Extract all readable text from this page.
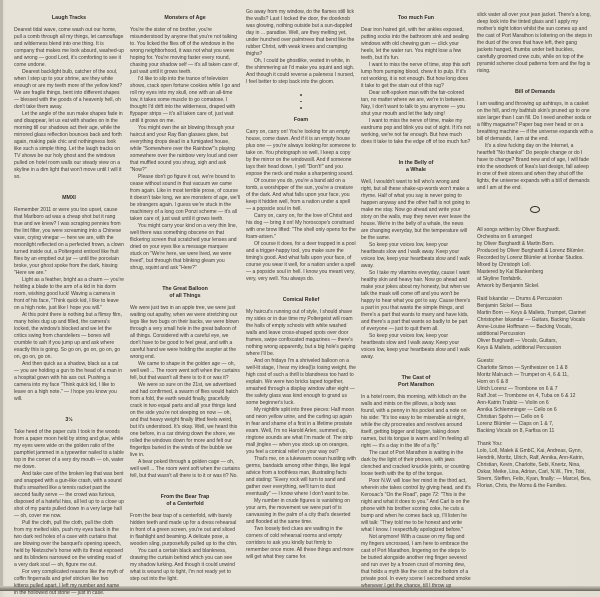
Laugh Tracks

Dearest tidal wave, come wash out our home, pull a comb through all my things, let camouflage and wilderness blend into one thing. It is company that makes me look absurd, washed-up and wrong — good Lord, it's comforting to see it come undone.

Dearest backlight bulb, catcher of the soul, when I step up to your shrine, are they white enough or are my teeth more of the yellow kind? We are fragile things, bent into different shapes — blessed with the goods of a heavenly hell, oh don't take them away.

Let the angle of the sun make shapes fade in and disappear, let us eat with shades on in the morning till our shadows act their age, while the mirrored glass reflection bounces back and forth again, making pale chic and nothingness look like such a simple thing. Let the laugh tracks on TV shows be our holy ghost and the windows pulled on hotel room walls our steady view on a skyline in a dim light that won't move until I will it so.

MMXI

Remember 2011 or were you too upset, cause that Marlboro ad was a cheap shot but it rang true and we knew? I was scraping pennies from the lint filter, you were screaming into a Chinese vase, crying vinegar — here we are, with the moonlight reflected on a perfected frown, a clown turned inside out, a Poltergeist enticed like fruit flies by an emptied out jar — until the porcelain broke, your ghost spoke from the dark, hissing "Here we are."

Light as a feather, bright as a charm — you're holding a blade to the arm of a kid in his dorm room, wishing good luck! Waving a camera in front of his face, "Think quick kid, I like to leave on a high note, just like I hope you will."

At this point there is nothing but a flimsy film, many holes dug up and filled, the camera's locked, the window's blocked and we let the critics swing from chandeliers — bones will crumble to ash if you jump up and ask where exactly this is going. So go on, go on, go on, go on, go on, go on.

And then quick as a shadow, black as a cat — you are holding a gun to the head of a man in a hospital gown with his ass out. Pushing a camera into my face "Think quick kid, I like to leave on a high note." — I hope you know you will.

3½

Take heed of the paper cuts I took in the woods from a paper moon held by string and glue, while my eyes were wide on the golden ratio of the pamphlet jammed in a typewriter nailed to a table top in the corner of a very dry mouth — oh, water me down.

And take care of the broken leg that was bent and snapped with a gun-like crash, with a sound that's smashed like a tennis racket past the second faulty serve — the crowd was furious, disposed of a hateful hiss, all led up to a close up shot of my pants pulled down in a very large hall — oh, cover me now.

Pull the cloth, pull the cloth, pull the cloth from my melted skin, push my eyes back in the two dark red holes of a cave with curtains that are blowing over the banquet's opening speech, held by Nietzsche's horse with its throat exposed and its blinders narrowed on the winding road of a very dark soul — oh, figure me out.

For very complicated reasons like the myth of coffin fingernails and grief stricken like two kittens pulled apart, I left my number and name in the hollowed out stone — just in case.

Monsters of Age

You're the sister of no brother, you're misunderstood by anyone that you're not talking to. You licked the flies off of the windows in the wrong neighborhood, it was not what you were hoping for. You're moving faster every round, chasing your shadow self — it's all taken care of, just wait until it grows teeth.

I'd like to slip into the trance of television shows, crack open fortune cookies while I go and roll my eyes into my skull, one with an all-time low, it takes some muscle to go comatose. I thought I'd drift into the wilderness, draped with flypaper strips — it's all taken care of, just wait until it grows on me.

You might own the air blowing through your haircut and your Ray Ban glasses glare, but everything drops dead in a fumigated house, while "Somewhere over the Rainbow"'s playing somewhere over the rainbow very loud and over that muffled sound you shrug, sigh and ask "Now?"

Please don't go figure it out, we're bound to cease without sound in that vacuum we came from again. Like in most terrible prose, of course it doesn't take long, we are monsters of age, we'll be strangers again. I guess we're stuck in the machinery of a long con Ponzi scheme — it's all taken care of, just wait until it grows teeth.

You might carry your kind on a very thin line, well there was something obscene on that flickering screen that scratched your lenses and dried on your eyes like a message marquee stuck on "We're here, we were lived, we were freed", but through that blinking gleam you shrug, squint and ask "Here?"

The Great Balloon
of all Things

We were just two in an apple tree, we were just waiting out apathy, when we were stretching our legs like two bugs on their backs, we were blown through a very small hole in the great balloon of all things. Considered with a careful eye, we don't have to be good to feel great, and with a careful hand we were holding the scepter at the wrong end.

We came to shape in the golden age — oh, well well ... The room went soft when the curtains fell, but that wasn't all there is to it or was it?

We were so sure on the 21st, we advertised and had confirmed, a swarm of flies would hatch from a fold, the earth would finally, gracefully crack in two equal parts and all your things land on the side you're not sleeping on now — oh, and that heavy weight finally lifted feels weird, but it's understood. It's okay. Well, we heard this one before, in a car driving down the shore, we rolled the windows down for more and felt our fingertips buried in the winds of the bubble we live in.

A bear poked through a golden cage — oh, well well ... The room went soft when the curtains fell, but that wasn't all there is to it or was it? No.

From the Bear Trap
of a Centerfold

From the bear trap of a centerfold, with barely hidden teeth and made up for a dress rehearsal in front of a green screen, you're out and sliced in flashlight and beaming. A delicate pose, a wooden sling, purposefully pulled up to the chin.

You cast a certain black and blankness, drawing the curtain behind which you can see my shadow lurking. And though it could unwind what is wound up to tight, I'm not ready yet to step out into the light.

Go away from my window, do the flames still lick the walls? Last I locked the door, the doorknob was glowing, nothing outside but a sun-dappled day in ... paradise. Well, are they melting yet, under hunched over palmtrees that bend like the rubber Christ, with weak knees and cramping thighs?

Oh, I could be ghostlike, vested in white, in the shimmering air I'd make you squint and sigh. And though it could reverse a paleness I nursed, I feel better to step back into the gloom.

Foam

Carry on, carry on! You're looking for an empty house, come dawn. And if it is an empty house plus one — you're always looking for someone to take on. You photograph so well, I keep a copy by the mirror on the windowsill. And if someone lays their head down, I yell "Don't!" and you expose the neck and make a sharpening sound.

Of course you do, you're a band aid on a tomb, a worshipper of the sun, you're a creature of the dark. And what falls upon your face, you keep it hidden well, from a nation under a spell — a popsicle soul in hell.

Carry on, carry on, for the love of Christ and his dog — bring it on! My horoscope's construed with one brow lifted: "The shell only opens for the foam-arisen."

Of course it does, for a deer trapped in a pool and a trigger-happy tool, you make sure the timing's good. And what falls upon your face, of course you wear it well, for a nation under a spell — a popsicle soul in hell. I know you meant very, very, very well. You always do.

Comical Relief

My haircut's running out of style, I should shave my sides or in due time my Poltergeist will roam the halls of empty schools with white washed walls and leave cross-shaped spots over door frames, swipe confiscated magazines — there's nothing wrong apparently, but a big hole's gaping where I'll be.

And on fridays I'm a shriveled balloon on a well-lit stage, I hear my idea(l)s losing weight, the high cost of such a thrill is blandness too hard to explain. We were two bricks taped together, smashed through a display window after eight — the safety glass was kind enough to grand us some beginner's luck.

My nightlife split into three pieces: Half moon and neon yellow urine, and the curling up again in fear and shame of a first in a lifetime prostate exam. Well, I'm no Harold Arlen, summed up, ringtone sounds are what I'm made of. The strip mall jingles — when you stock up on oranges, you feel a comical relief on your way out?

That's me, on a lukewarm ocean hustling with germs, bandaids among other things, like legal advice from a toothless man, illustrating facts and stating: "Every rock will turn to sand and gather over everything, we'll turn to dust eventually" — I know where I don't want to be.

My number in crude figures is vanishing on your arm, the movement we were part of is canvassing in the palm of a city that's deserted and flooded at the same time.

Two loosely tied clues are waiting in the corners of cold rehearsal rooms and empty corridors to ask you kindly but firmly to remember once more. All these things and more will get what they came for.

Too much Fun

Dear iron haired girl, with her ankles exposed, putting socks into the bathroom sink and sealing windows with old chewing gum — click your heels, let the water run. You might lose a few teeth, but it's fun.

I want to miss the nerve of time, stop this soft lump from pumping blood, chew it to pulp. If it's not working, it is not enough. But how long does it take to get the stain out of this rug?

Dear soft-spoken man with the fair-colored tan, no matter where we are, we're in between. Nay, I don't want to talk to you anymore — you shut your mouth and let the lady sing!

I want to miss the nerve of time, make my eardrums pop and blink you out of sight. If it's not working, we're not far enough. But how much does it take to take the edge off of too much fun?

In the Belly of
a Whale

Well, I wouldn't want to tell who's wrong and right, but all these shake-up-words won't make a rhyme. Half of what you say is never going to happen anyway and the other half is not going to make me stay. Now go ahead and write your story on the walls, may they never ever leave the house. We're in the belly of a whale, the news are changing everyday, but the temperature will be the same.

So keep your voices low, keep your heartbeats slow and I walk away. Keep your voices low, keep your heartbeats slow and I walk away.

So I take my vitamins everyday, cause I want healthy skin and heavy hair. Now go ahead and make your jokes about my honesty, but when we talk the mask will come off and you won't be happy to hear what you got to say. Cause there's a part in you that wants the simple things, and there's a part that wants to marry and have kids, and there's a part that wants so badly to be part of everyone — just to quit them all.

So keep your voices low, keep your heartbeats slow and I walk away. Keep your voices low, keep your heartbeats slow and I walk away.

The Cast of
Port Marathon

In a hotel room, this morning, with kitsch on the walls and mints on the pillows, a body was found, with a penny in his pocket and a note on his side: "It's too easy to be miserable at night, while the city procreates and revolves around itself, getting bigger and bigger, taking down names, but its tongue is warm and I'm feeling all right — it's a day in the life of a fly."

The cast of Port Marathon is waiting in the dark by the light of their phones, with jaws clenched and cracked knuckle joints, or counting loose teeth with the tip of the tongue.

Poor N.W. will lose her mind in the third act, wherein she takes control by giving head, and it's Kerouac's "On the Road", page 72: "This is the night and what it does to you." And Carl is on the phone with his brother scoring coke, he cuts a bump and when he comes back up, I'll listen he will talk: "They told me to be honest and write what I know. I respectfully apologized before."

Not anymore! With a cause on my flag and my fingers uncrossed, I am here to embrace the cast of Port Marathon, lingering on the steps to be buried alongside another ring finger severed and run over by a frozen crust of morning dew, that holds a myth like the coin at the bottom of a private pool. In every scene I secondhand smoke whenever I get the chance, till I throw up

slick water all over your jean jacket. There's a long, deep look into the tinted glass and I apply my mother's night lotion whilst the sun comes up and the cast of Port Marathon is loitering on the steps in the dust of the ones that have left, their gang jackets hanged, thumbs under belt buckles, carefully groomed crew cuts, while on top of the pyramid scheme cloud patterns form and the fog is rising.

Bill of Demands

I am waiting and throwing up ashtrays, in a casket on the hill, and my bathtub skin's pruned up to one size larger than I can fill. Do I need another soda or a filthy magazine? Paper bag over head or on a breathing machine — if the universe expands with a bill of demands, I am at the end.

It's a slow fucking day on the Internet, a heartfelt "No thanks!" Do people change or do I have to change? Brand new and of age, I will fade into the woodwork of Ikea's last design, fall asleep in one of their stores and when they shut off the lights, the universe expands with a bill of demands and I am at the end.

All songs written by Oliver Burghardt.
Orchestra on 6 arranged
by Oliver Burghardt & Martin Born.
Produced by Oliver Burghardt & Lorenz Blümler.
Recorded by Lorenz Blümler at Ironbar Studios.
Mixed by Christoph Loll.
Mastered by Kai Blankenberg
at Skyline Tonfabrik.
Artwork by Benjamin Sickel.
Raid Iskandar — Drums & Percussion
Benjamin Sickel — Bass
Martin Born — Keys & Mallets, Trumpet, Clarinet
Christopher Iskandar — Guitars, Backing Vocals
Anne-Louise Hoffmann — Backing Vocals,
additional Percussion
Oliver Burghardt — Vocals, Guitars,
Keys & Mallets, additional Percussion
Guests:
Charlotte Simon — Synthesizer on 1 & 8
Moritz Malrusch — Trumpet on 4, 6 & 11,
Horn on 6 & 8
Ulrich Lorenz — Trombone on 6 & 7
Ralf Jost — Trombone on 4, Tuba on 6 & 12
Ann-Katrin Trabitz — Violin on 6
Annika Schlemminger — Cello on 6
Christian Spohn — Cello on 6
Lorenz Blümler — Claps on 1 & 7,
Backing Vocals on 8, Farfisa on 11
Thank You:

Lolo, Loll, Malek & GmbC, Kai, Andreas, Gynn, Hendrik, Moritz, Ulrich, Ralf, Annika, Ann-Katrin, Christian, Kevin, Charlotte, Sebi, Knertz, Nina, Oskar, Meike, Lisa, Adrian, Carl, N.W., Tim, Tobi, Sinem, Steffen, Felix, Kyan, finally: — Marcel, Bea, Florian, Chris, the Moms & the Families.
